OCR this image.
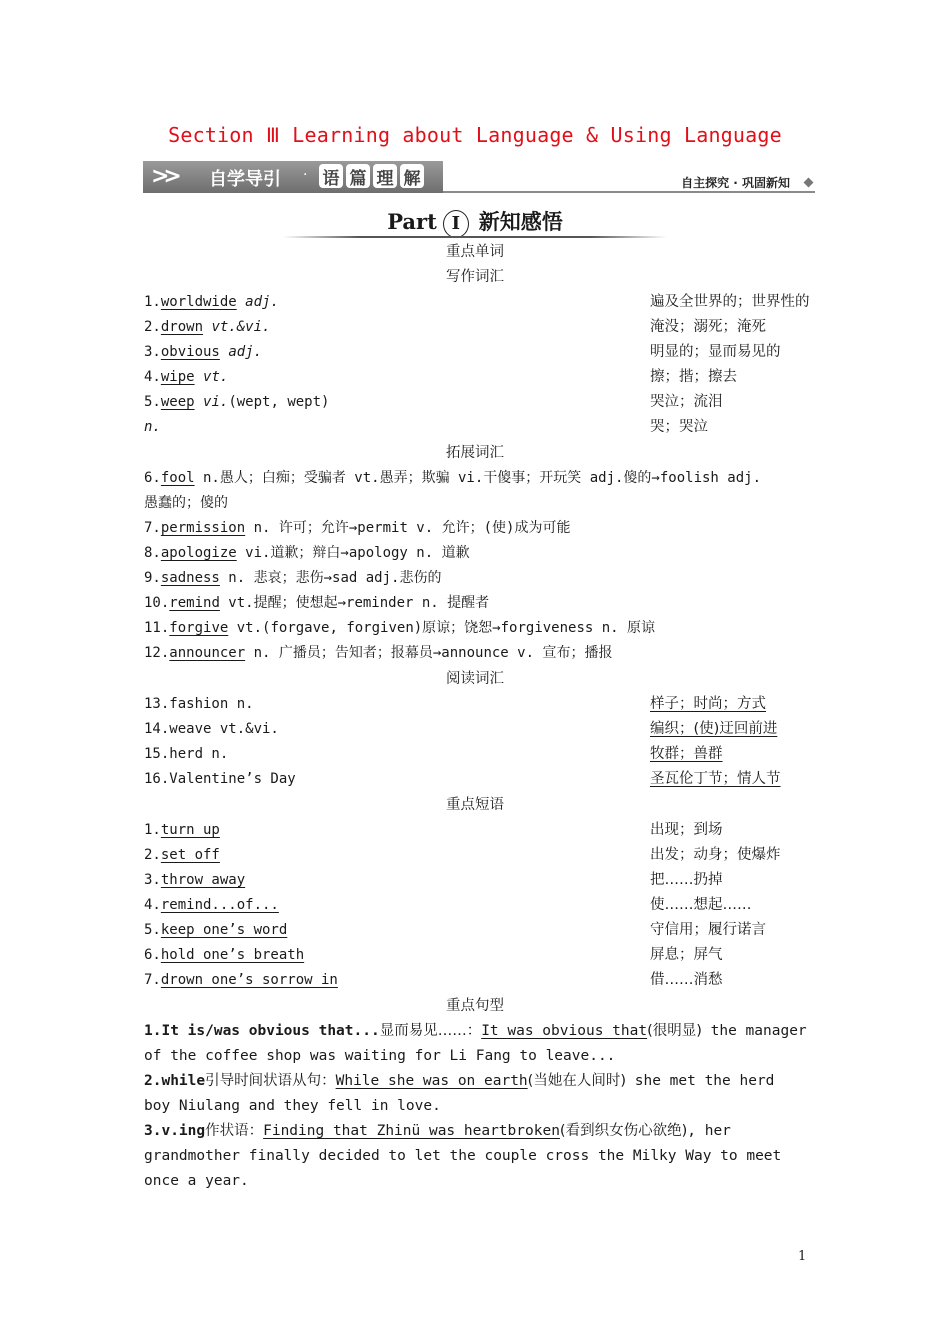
Section Ⅲ Learning about Language & Using Language
>> 自学导引 · 语 篇 理 解	自主探究 · 巩固新知
Part I 新知感悟
重点单词
写作词汇
1.worldwide adj.	遍及全世界的；世界性的
2.drown vt.&vi.	淹没；溺死；淹死
3.obvious adj.	明显的；显而易见的
4.wipe vt.	擦；揩；擦去
5.weep vi.(wept, wept)	哭泣；流泪
n.	哭；哭泣
拓展词汇
6.fool n.愚人；白痴；受骗者 vt.愚弄；欺骗 vi.干傻事；开玩笑 adj.傻的→foolish adj.
愚蠢的；傻的
7.permission n. 许可；允许→permit v. 允许；(使)成为可能
8.apologize vi.道歉；辩白→apology n. 道歉
9.sadness n. 悲哀；悲伤→sad adj.悲伤的
10.remind vt.提醒；使想起→reminder n. 提醒者
11.forgive vt.(forgave, forgiven)原谅；饶恕→forgiveness n. 原谅
12.announcer n. 广播员；告知者；报幕员→announce v. 宣布；播报
阅读词汇
13.fashion n.	样子；时尚；方式
14.weave vt.&vi.	编织；(使)迂回前进
15.herd n.	牧群；兽群
16.Valentine’s Day	圣瓦伦丁节；情人节
重点短语
1.turn up	出现；到场
2.set off	出发；动身；使爆炸
3.throw away	把……扔掉
4.remind...of...	使……想起……
5.keep one’s word	守信用；履行诺言
6.hold one’s breath	屏息；屏气
7.drown one’s sorrow in	借……消愁
重点句型
1.It is/was obvious that...显而易见……：It was obvious that(很明显) the manager of the coffee shop was waiting for Li Fang to leave...
2.while引导时间状语从句：While she was on earth(当她在人间时) she met the herd boy Niulang and they fell in love.
3.v.ing作状语：Finding that Zhinü was heartbroken(看到织女伤心欲绝), her grandmother finally decided to let the couple cross the Milky Way to meet once a year.
1
